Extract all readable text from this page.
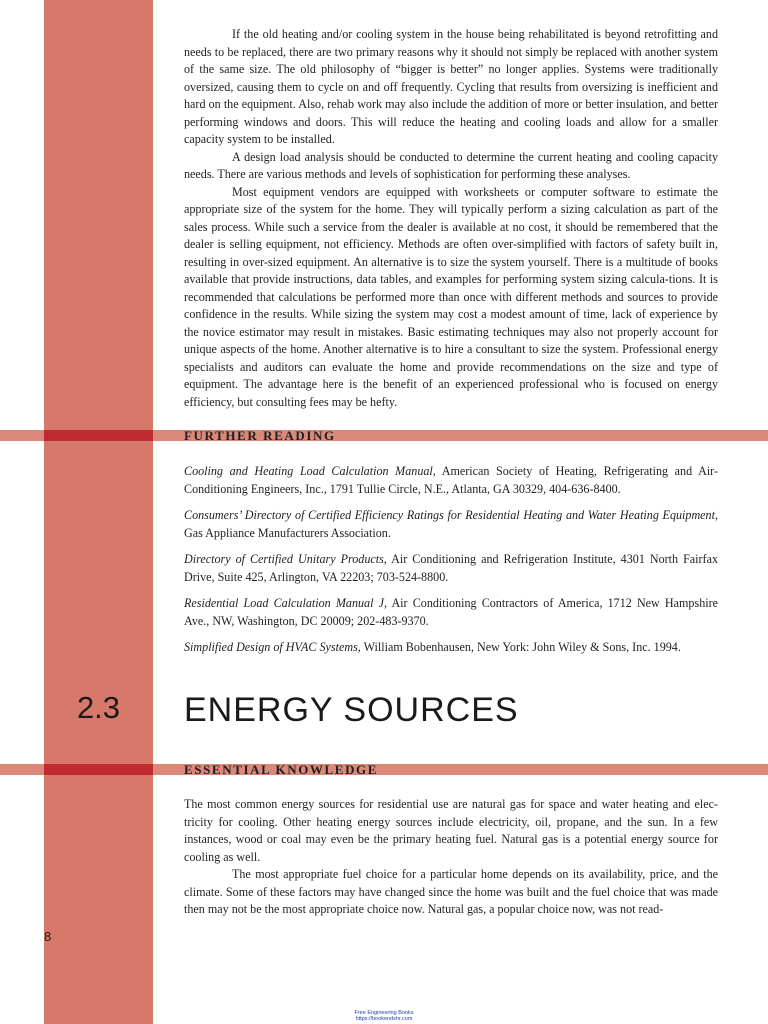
If the old heating and/or cooling system in the house being rehabilitated is beyond retrofitting and needs to be replaced, there are two primary reasons why it should not simply be replaced with another system of the same size. The old philosophy of “bigger is better” no longer applies. Systems were traditionally oversized, causing them to cycle on and off frequently. Cycling that results from oversizing is inefficient and hard on the equipment. Also, rehab work may also include the addition of more or better insulation, and better performing windows and doors. This will reduce the heating and cooling loads and allow for a smaller capacity system to be installed.

A design load analysis should be conducted to determine the current heating and cooling capacity needs. There are various methods and levels of sophistication for performing these analyses.

Most equipment vendors are equipped with worksheets or computer software to estimate the appropriate size of the system for the home. They will typically perform a sizing calculation as part of the sales process. While such a service from the dealer is available at no cost, it should be remembered that the dealer is selling equipment, not efficiency. Methods are often over-simplified with factors of safety built in, resulting in over-sized equipment. An alternative is to size the system yourself. There is a multitude of books available that provide instructions, data tables, and examples for performing system sizing calcula-tions. It is recommended that calculations be performed more than once with different methods and sources to provide confidence in the results. While sizing the system may cost a modest amount of time, lack of experience by the novice estimator may result in mistakes. Basic estimating techniques may also not properly account for unique aspects of the home. Another alternative is to hire a consultant to size the system. Professional energy specialists and auditors can evaluate the home and provide recommendations on the size and type of equipment. The advantage here is the benefit of an experienced professional who is focused on energy efficiency, but consulting fees may be hefty.

FURTHER READING

Cooling and Heating Load Calculation Manual, American Society of Heating, Refrigerating and Air-Conditioning Engineers, Inc., 1791 Tullie Circle, N.E., Atlanta, GA 30329, 404-636-8400.

Consumers’ Directory of Certified Efficiency Ratings for Residential Heating and Water Heating Equipment, Gas Appliance Manufacturers Association.

Directory of Certified Unitary Products, Air Conditioning and Refrigeration Institute, 4301 North Fairfax Drive, Suite 425, Arlington, VA 22203; 703-524-8800.

Residential Load Calculation Manual J, Air Conditioning Contractors of America, 1712 New Hampshire Ave., NW, Washington, DC 20009; 202-483-9370.

Simplified Design of HVAC Systems, William Bobenhausen, New York: John Wiley & Sons, Inc. 1994.

2.3	ENERGY SOURCES
ESSENTIAL KNOWLEDGE

The most common energy sources for residential use are natural gas for space and water heating and elec-tricity for cooling. Other heating energy sources include electricity, oil, propane, and the sun. In a few instances, wood or coal may even be the primary heating fuel. Natural gas is a potential energy source for cooling as well.

The most appropriate fuel choice for a particular home depends on its availability, price, and the climate. Some of these factors may have changed since the home was built and the fuel choice that was made then may not be the most appropriate choice now. Natural gas, a popular choice now, was not read-

8
Free Engineering Books
https://bookendshr.com
